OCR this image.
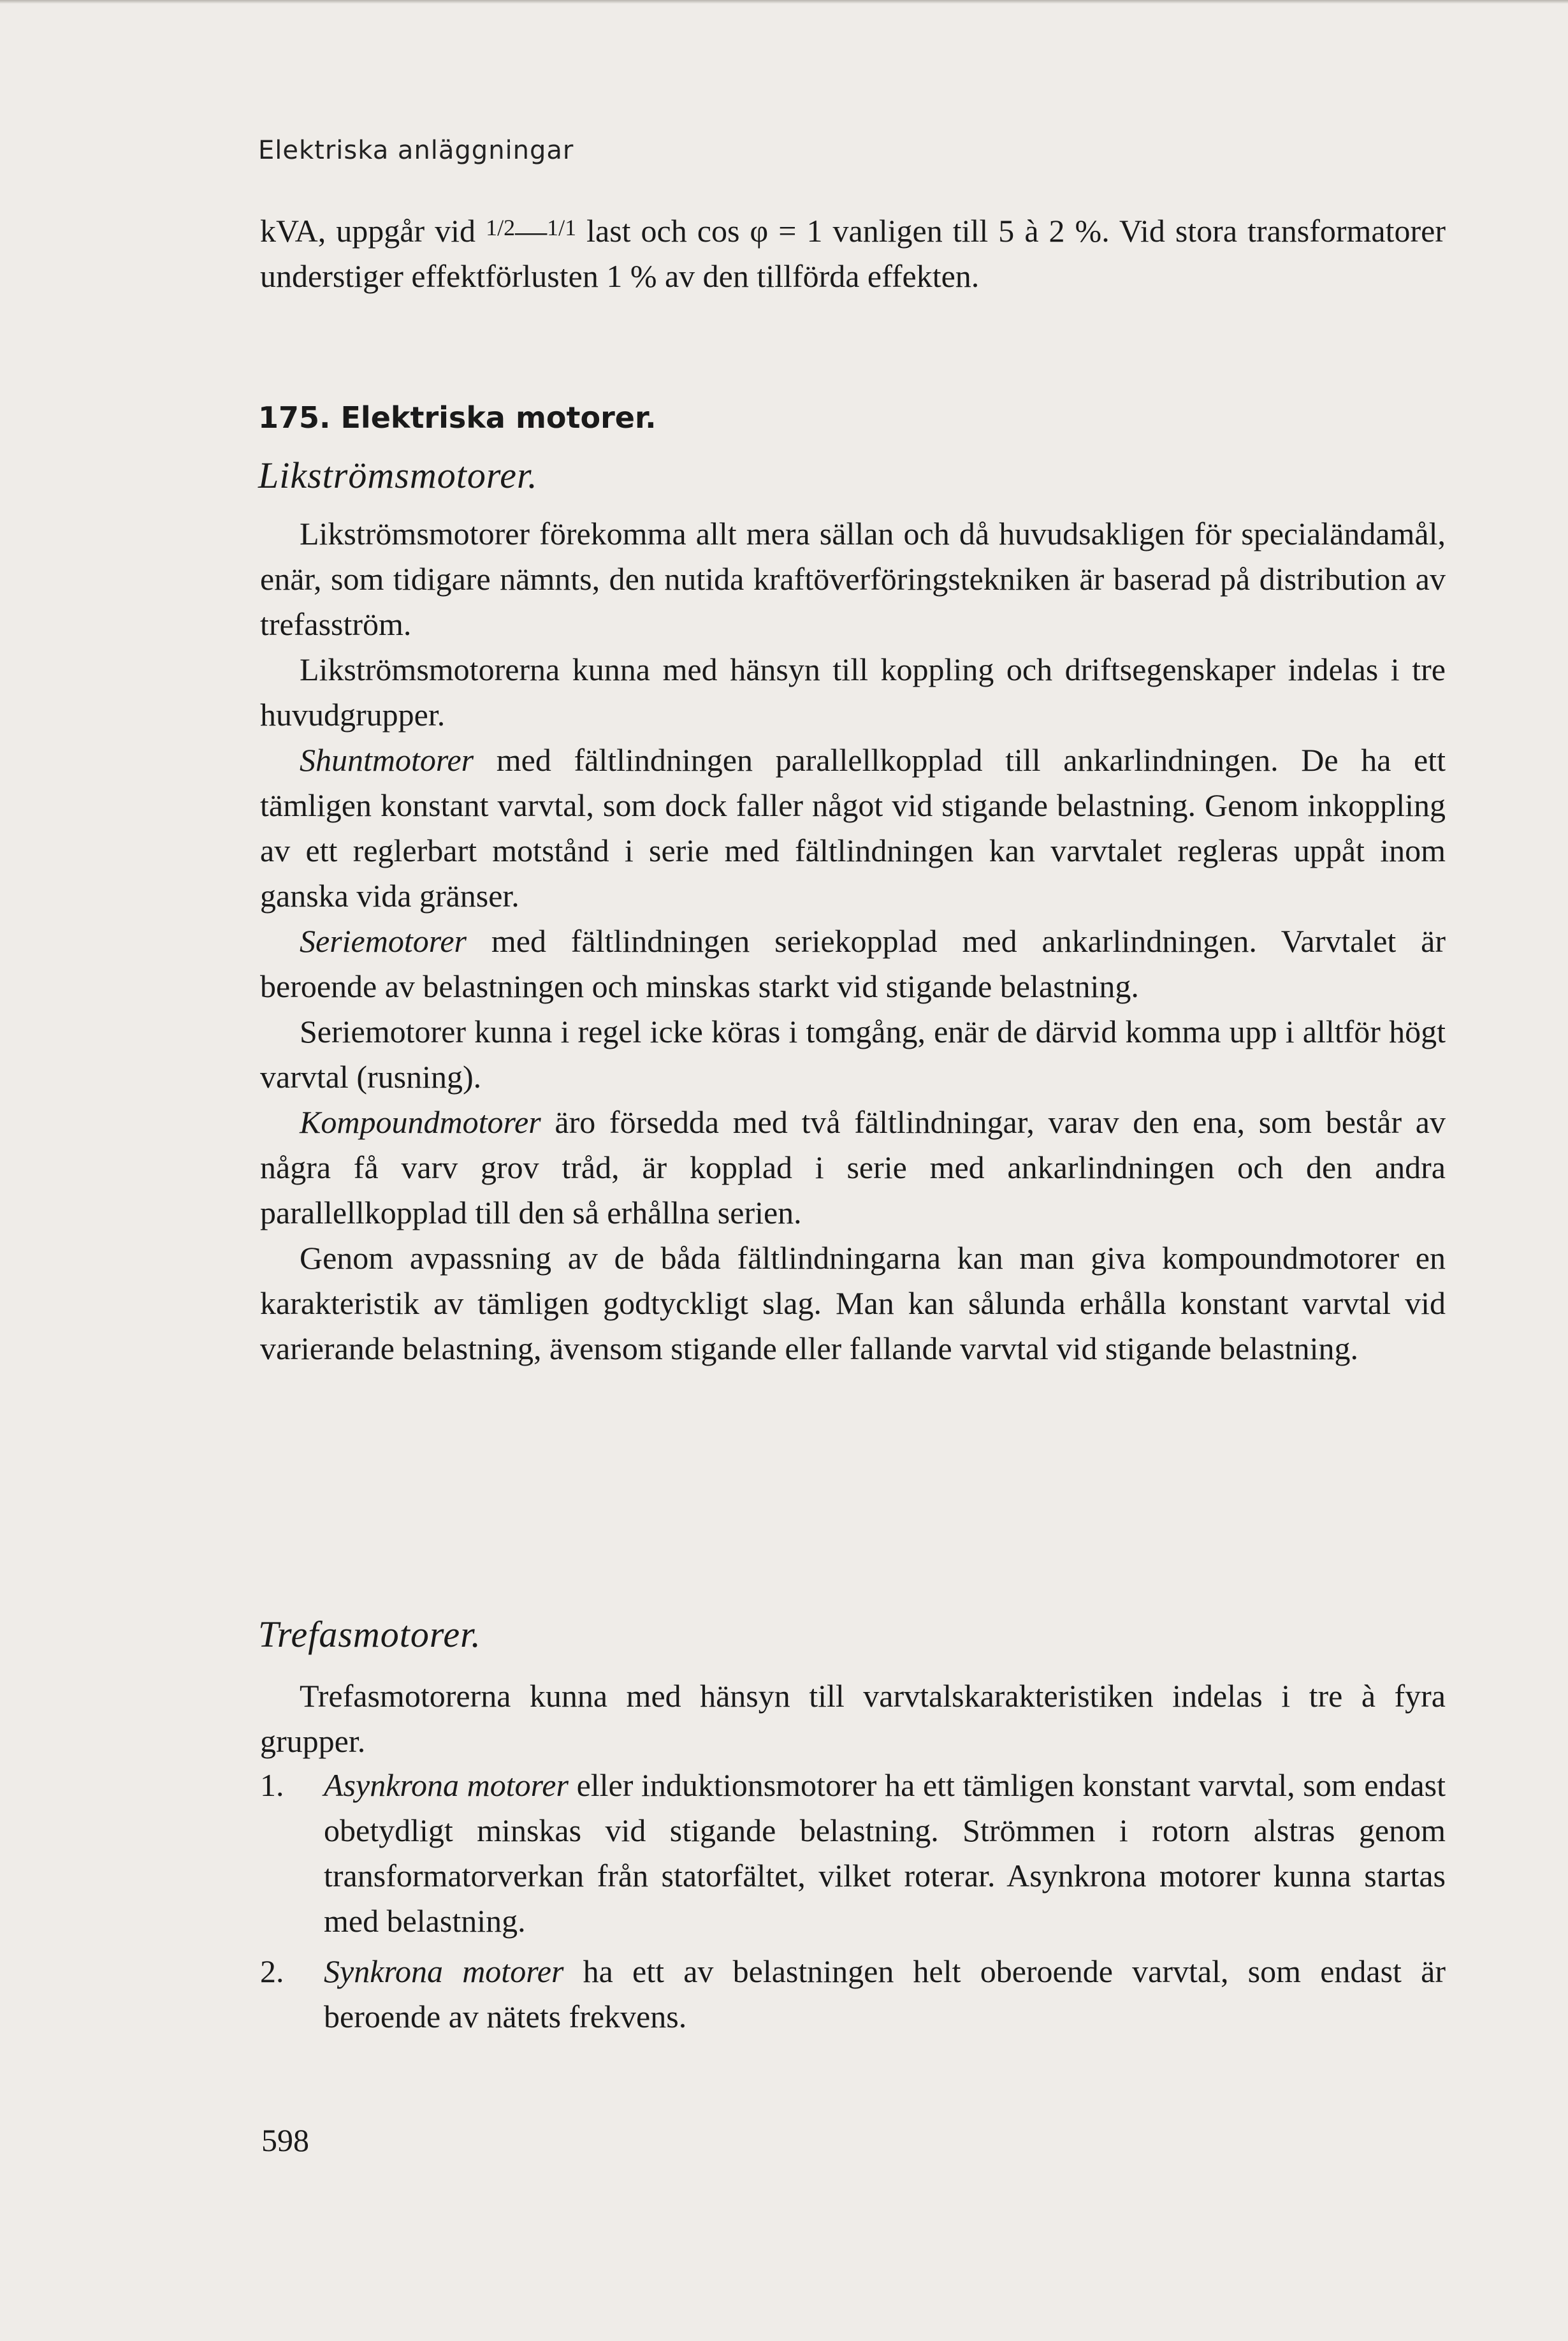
Elektriska anläggningar

kVA, uppgår vid $^{1/2}$—$^{1/1}$ last och cos φ = 1 vanligen till 5 à 2 %. Vid stora transformatorer understiger effektförlusten 1 % av den tillförda effekten.

175. Elektriska motorer.
Likströmsmotorer.

Likströmsmotorer förekomma allt mera sällan och då huvudsakligen för specialändamål, enär, som tidigare nämnts, den nutida kraftöverföringstekniken är baserad på distribution av trefasström.

Likströmsmotorerna kunna med hänsyn till koppling och driftsegenskaper indelas i tre huvudgrupper.

Shuntmotorer med fältlindningen parallellkopplad till ankarlindningen. De ha ett tämligen konstant varvtal, som dock faller något vid stigande belastning. Genom inkoppling av ett reglerbart motstånd i serie med fältlindningen kan varvtalet regleras uppåt inom ganska vida gränser.

Seriemotorer med fältlindningen seriekopplad med ankarlindningen. Varvtalet är beroende av belastningen och minskas starkt vid stigande belastning.

Seriemotorer kunna i regel icke köras i tomgång, enär de därvid komma upp i alltför högt varvtal (rusning).

Kompoundmotorer äro försedda med två fältlindningar, varav den ena, som består av några få varv grov tråd, är kopplad i serie med ankarlindningen och den andra parallellkopplad till den så erhållna serien.

Genom avpassning av de båda fältlindningarna kan man giva kompoundmotorer en karakteristik av tämligen godtyckligt slag. Man kan sålunda erhålla konstant varvtal vid varierande belastning, ävensom stigande eller fallande varvtal vid stigande belastning.

Trefasmotorer.

Trefasmotorerna kunna med hänsyn till varvtalskarakteristiken indelas i tre à fyra grupper.

1. Asynkrona motorer eller induktionsmotorer ha ett tämligen konstant varvtal, som endast obetydligt minskas vid stigande belastning. Strömmen i rotorn alstras genom transformatorverkan från statorfältet, vilket roterar. Asynkrona motorer kunna startas med belastning.
2. Synkrona motorer ha ett av belastningen helt oberoende varvtal, som endast är beroende av nätets frekvens.
598
